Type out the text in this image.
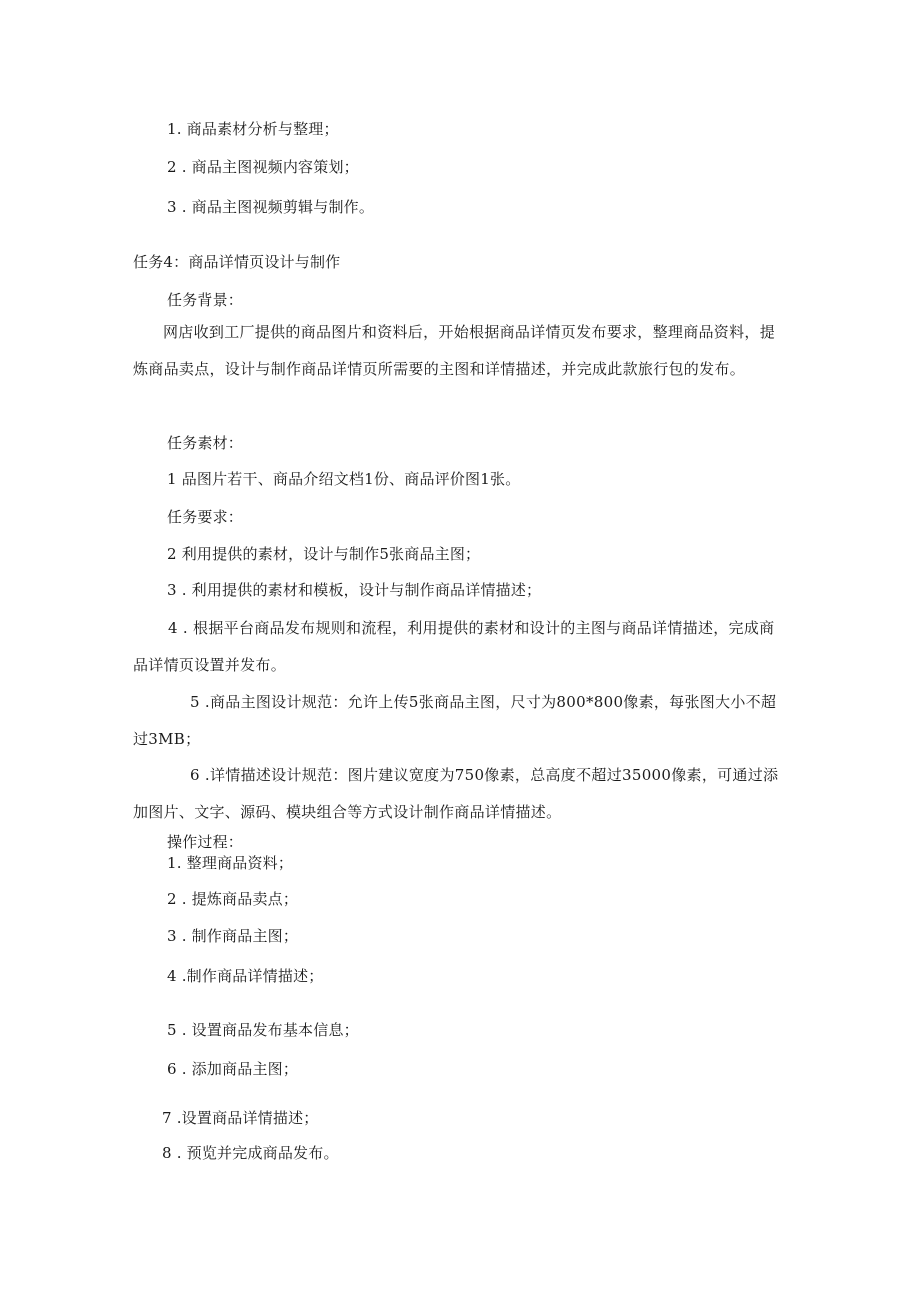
1. 商品素材分析与整理；
2 . 商品主图视频内容策划；
3 . 商品主图视频剪辑与制作。
任务4：商品详情页设计与制作
任务背景：
网店收到工厂提供的商品图片和资料后，开始根据商品详情页发布要求，整理商品资料，提炼商品卖点，设计与制作商品详情页所需要的主图和详情描述，并完成此款旅行包的发布。
任务素材：
1 品图片若干、商品介绍文档1份、商品评价图1张。
任务要求：
2 利用提供的素材，设计与制作5张商品主图；
3 . 利用提供的素材和模板，设计与制作商品详情描述；
4 . 根据平台商品发布规则和流程，利用提供的素材和设计的主图与商品详情描述，完成商品详情页设置并发布。
5 .商品主图设计规范：允许上传5张商品主图，尺寸为800*800像素，每张图大小不超过3MB；
6 .详情描述设计规范：图片建议宽度为750像素，总高度不超过35000像素，可通过添加图片、文字、源码、模块组合等方式设计制作商品详情描述。
操作过程：
1. 整理商品资料；
2 . 提炼商品卖点；
3 . 制作商品主图；
4 .制作商品详情描述；
5 . 设置商品发布基本信息；
6 . 添加商品主图；
7 .设置商品详情描述；
8 . 预览并完成商品发布。
